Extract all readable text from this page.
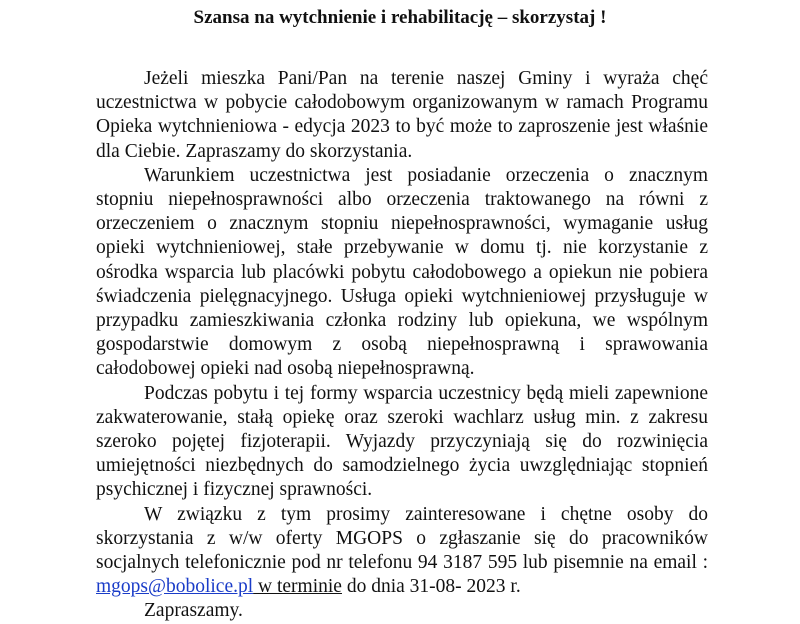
Szansa na wytchnienie i rehabilitację – skorzystaj !

Jeżeli mieszka Pani/Pan na terenie naszej Gminy i wyraża chęć uczestnictwa w pobycie całodobowym organizowanym w ramach Programu Opieka wytchnieniowa - edycja 2023 to być może to zaproszenie jest właśnie dla Ciebie. Zapraszamy do skorzystania.

Warunkiem uczestnictwa jest posiadanie orzeczenia o znacznym stopniu niepełnosprawności albo orzeczenia traktowanego na równi z orzeczeniem o znacznym stopniu niepełnosprawności, wymaganie usług opieki wytchnieniowej, stałe przebywanie w domu tj. nie korzystanie z ośrodka wsparcia lub placówki pobytu całodobowego a opiekun nie pobiera świadczenia pielęgnacyjnego. Usługa opieki wytchnieniowej przysługuje w przypadku zamieszkiwania członka rodziny lub opiekuna, we wspólnym gospodarstwie domowym z osobą niepełnosprawną i sprawowania całodobowej opieki nad osobą niepełnosprawną.

Podczas pobytu i tej formy wsparcia uczestnicy będą mieli zapewnione zakwaterowanie, stałą opiekę oraz szeroki wachlarz usług min. z zakresu szeroko pojętej fizjoterapii. Wyjazdy przyczyniają się do rozwinięcia umiejętności niezbędnych do samodzielnego życia uwzględniając stopnień psychicznej i fizycznej sprawności.

W związku z tym prosimy zainteresowane i chętne osoby do skorzystania z w/w oferty MGOPS o zgłaszanie się do pracowników socjalnych telefonicznie pod nr telefonu 94 3187 595 lub pisemnie na email : mgops@bobolice.pl w terminie do dnia 31-08- 2023 r.

Zapraszamy.
